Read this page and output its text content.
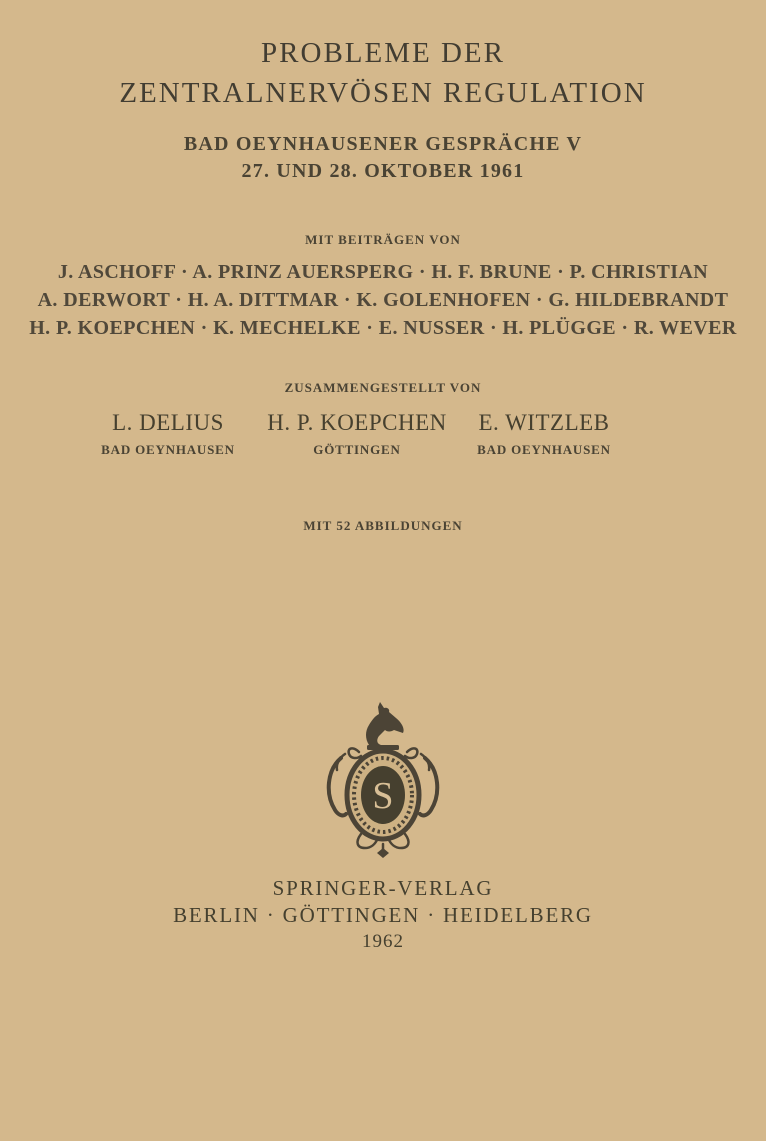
PROBLEME DER
ZENTRALNERVÖSEN REGULATION
BAD OEYNHAUSENER GESPRÄCHE V
27. UND 28. OKTOBER 1961
MIT BEITRÄGEN VON
J. ASCHOFF · A. PRINZ AUERSPERG · H. F. BRUNE · P. CHRISTIAN
A. DERWORT · H. A. DITTMAR · K. GOLENHOFEN · G. HILDEBRANDT
H. P. KOEPCHEN · K. MECHELKE · E. NUSSER · H. PLÜGGE · R. WEVER
ZUSAMMENGESTELLT VON
L. DELIUS
BAD OEYNHAUSEN
H. P. KOEPCHEN
GÖTTINGEN
E. WITZLEB
BAD OEYNHAUSEN
MIT 52 ABBILDUNGEN
S
SPRINGER-VERLAG
BERLIN · GÖTTINGEN · HEIDELBERG
1962
